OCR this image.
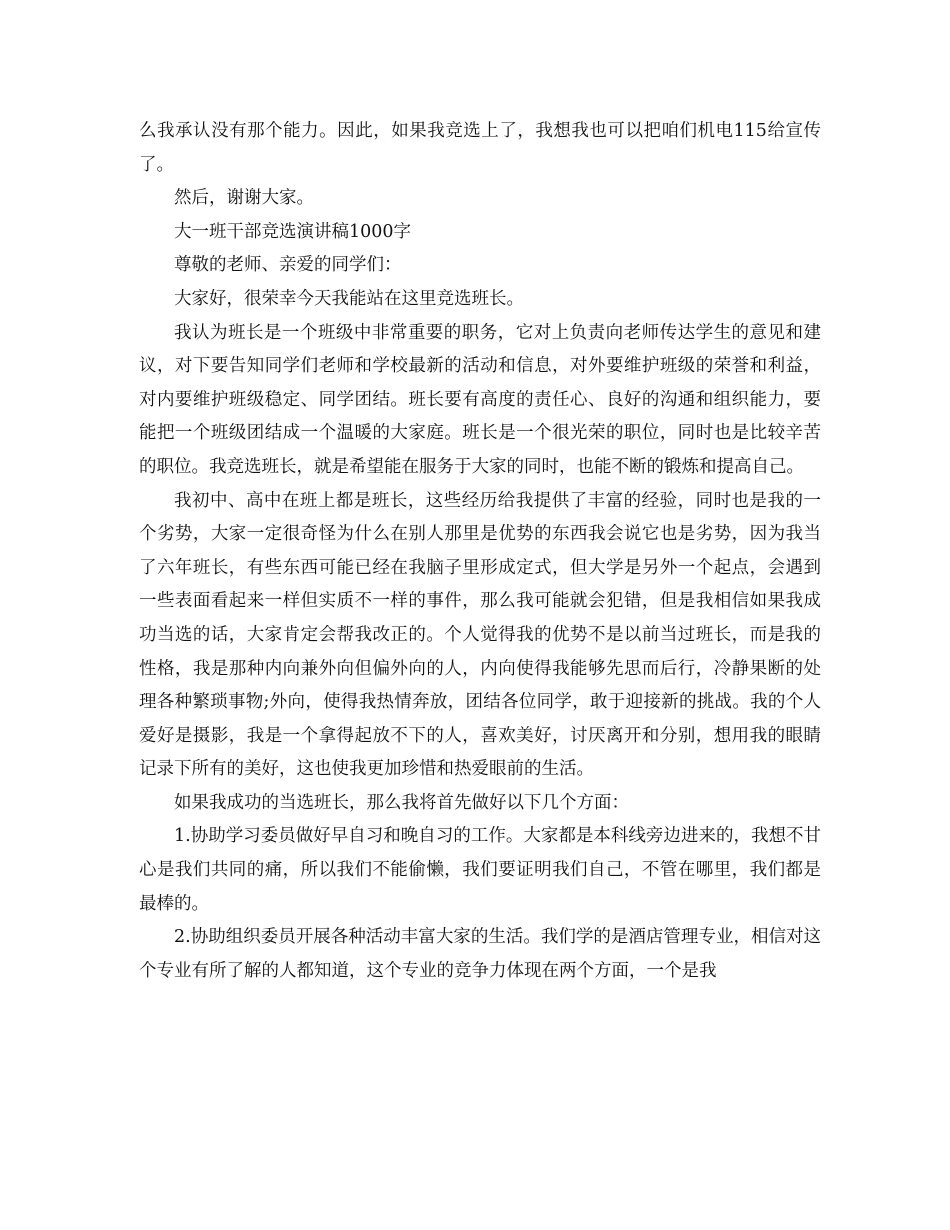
么我承认没有那个能力。因此，如果我竞选上了，我想我也可以把咱们机电115给宣传了。

然后，谢谢大家。

大一班干部竞选演讲稿1000字

尊敬的老师、亲爱的同学们：

大家好，很荣幸今天我能站在这里竞选班长。

我认为班长是一个班级中非常重要的职务，它对上负责向老师传达学生的意见和建议，对下要告知同学们老师和学校最新的活动和信息，对外要维护班级的荣誉和利益，对内要维护班级稳定、同学团结。班长要有高度的责任心、良好的沟通和组织能力，要能把一个班级团结成一个温暖的大家庭。班长是一个很光荣的职位，同时也是比较辛苦的职位。我竞选班长，就是希望能在服务于大家的同时，也能不断的锻炼和提高自己。

我初中、高中在班上都是班长，这些经历给我提供了丰富的经验，同时也是我的一个劣势，大家一定很奇怪为什么在别人那里是优势的东西我会说它也是劣势，因为我当了六年班长，有些东西可能已经在我脑子里形成定式，但大学是另外一个起点，会遇到一些表面看起来一样但实质不一样的事件，那么我可能就会犯错，但是我相信如果我成功当选的话，大家肯定会帮我改正的。个人觉得我的优势不是以前当过班长，而是我的性格，我是那种内向兼外向但偏外向的人，内向使得我能够先思而后行，冷静果断的处理各种繁琐事物;外向，使得我热情奔放，团结各位同学，敢于迎接新的挑战。我的个人爱好是摄影，我是一个拿得起放不下的人，喜欢美好，讨厌离开和分别，想用我的眼睛记录下所有的美好，这也使我更加珍惜和热爱眼前的生活。

如果我成功的当选班长，那么我将首先做好以下几个方面：

1.协助学习委员做好早自习和晚自习的工作。大家都是本科线旁边进来的，我想不甘心是我们共同的痛，所以我们不能偷懒，我们要证明我们自己，不管在哪里，我们都是最棒的。

2.协助组织委员开展各种活动丰富大家的生活。我们学的是酒店管理专业，相信对这个专业有所了解的人都知道，这个专业的竞争力体现在两个方面，一个是我
